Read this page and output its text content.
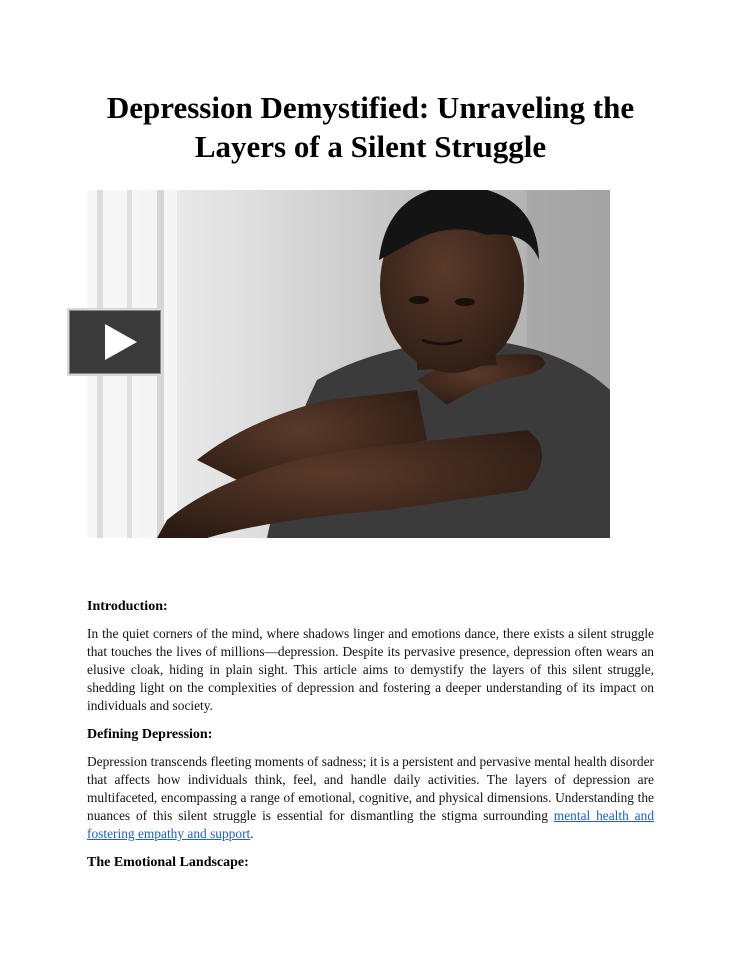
Depression Demystified: Unraveling the Layers of a Silent Struggle

Introduction:

In the quiet corners of the mind, where shadows linger and emotions dance, there exists a silent struggle that touches the lives of millions—depression. Despite its pervasive presence, depression often wears an elusive cloak, hiding in plain sight. This article aims to demystify the layers of this silent struggle, shedding light on the complexities of depression and fostering a deeper understanding of its impact on individuals and society.

Defining Depression:

Depression transcends fleeting moments of sadness; it is a persistent and pervasive mental health disorder that affects how individuals think, feel, and handle daily activities. The layers of depression are multifaceted, encompassing a range of emotional, cognitive, and physical dimensions. Understanding the nuances of this silent struggle is essential for dismantling the stigma surrounding mental health and fostering empathy and support.

The Emotional Landscape:
